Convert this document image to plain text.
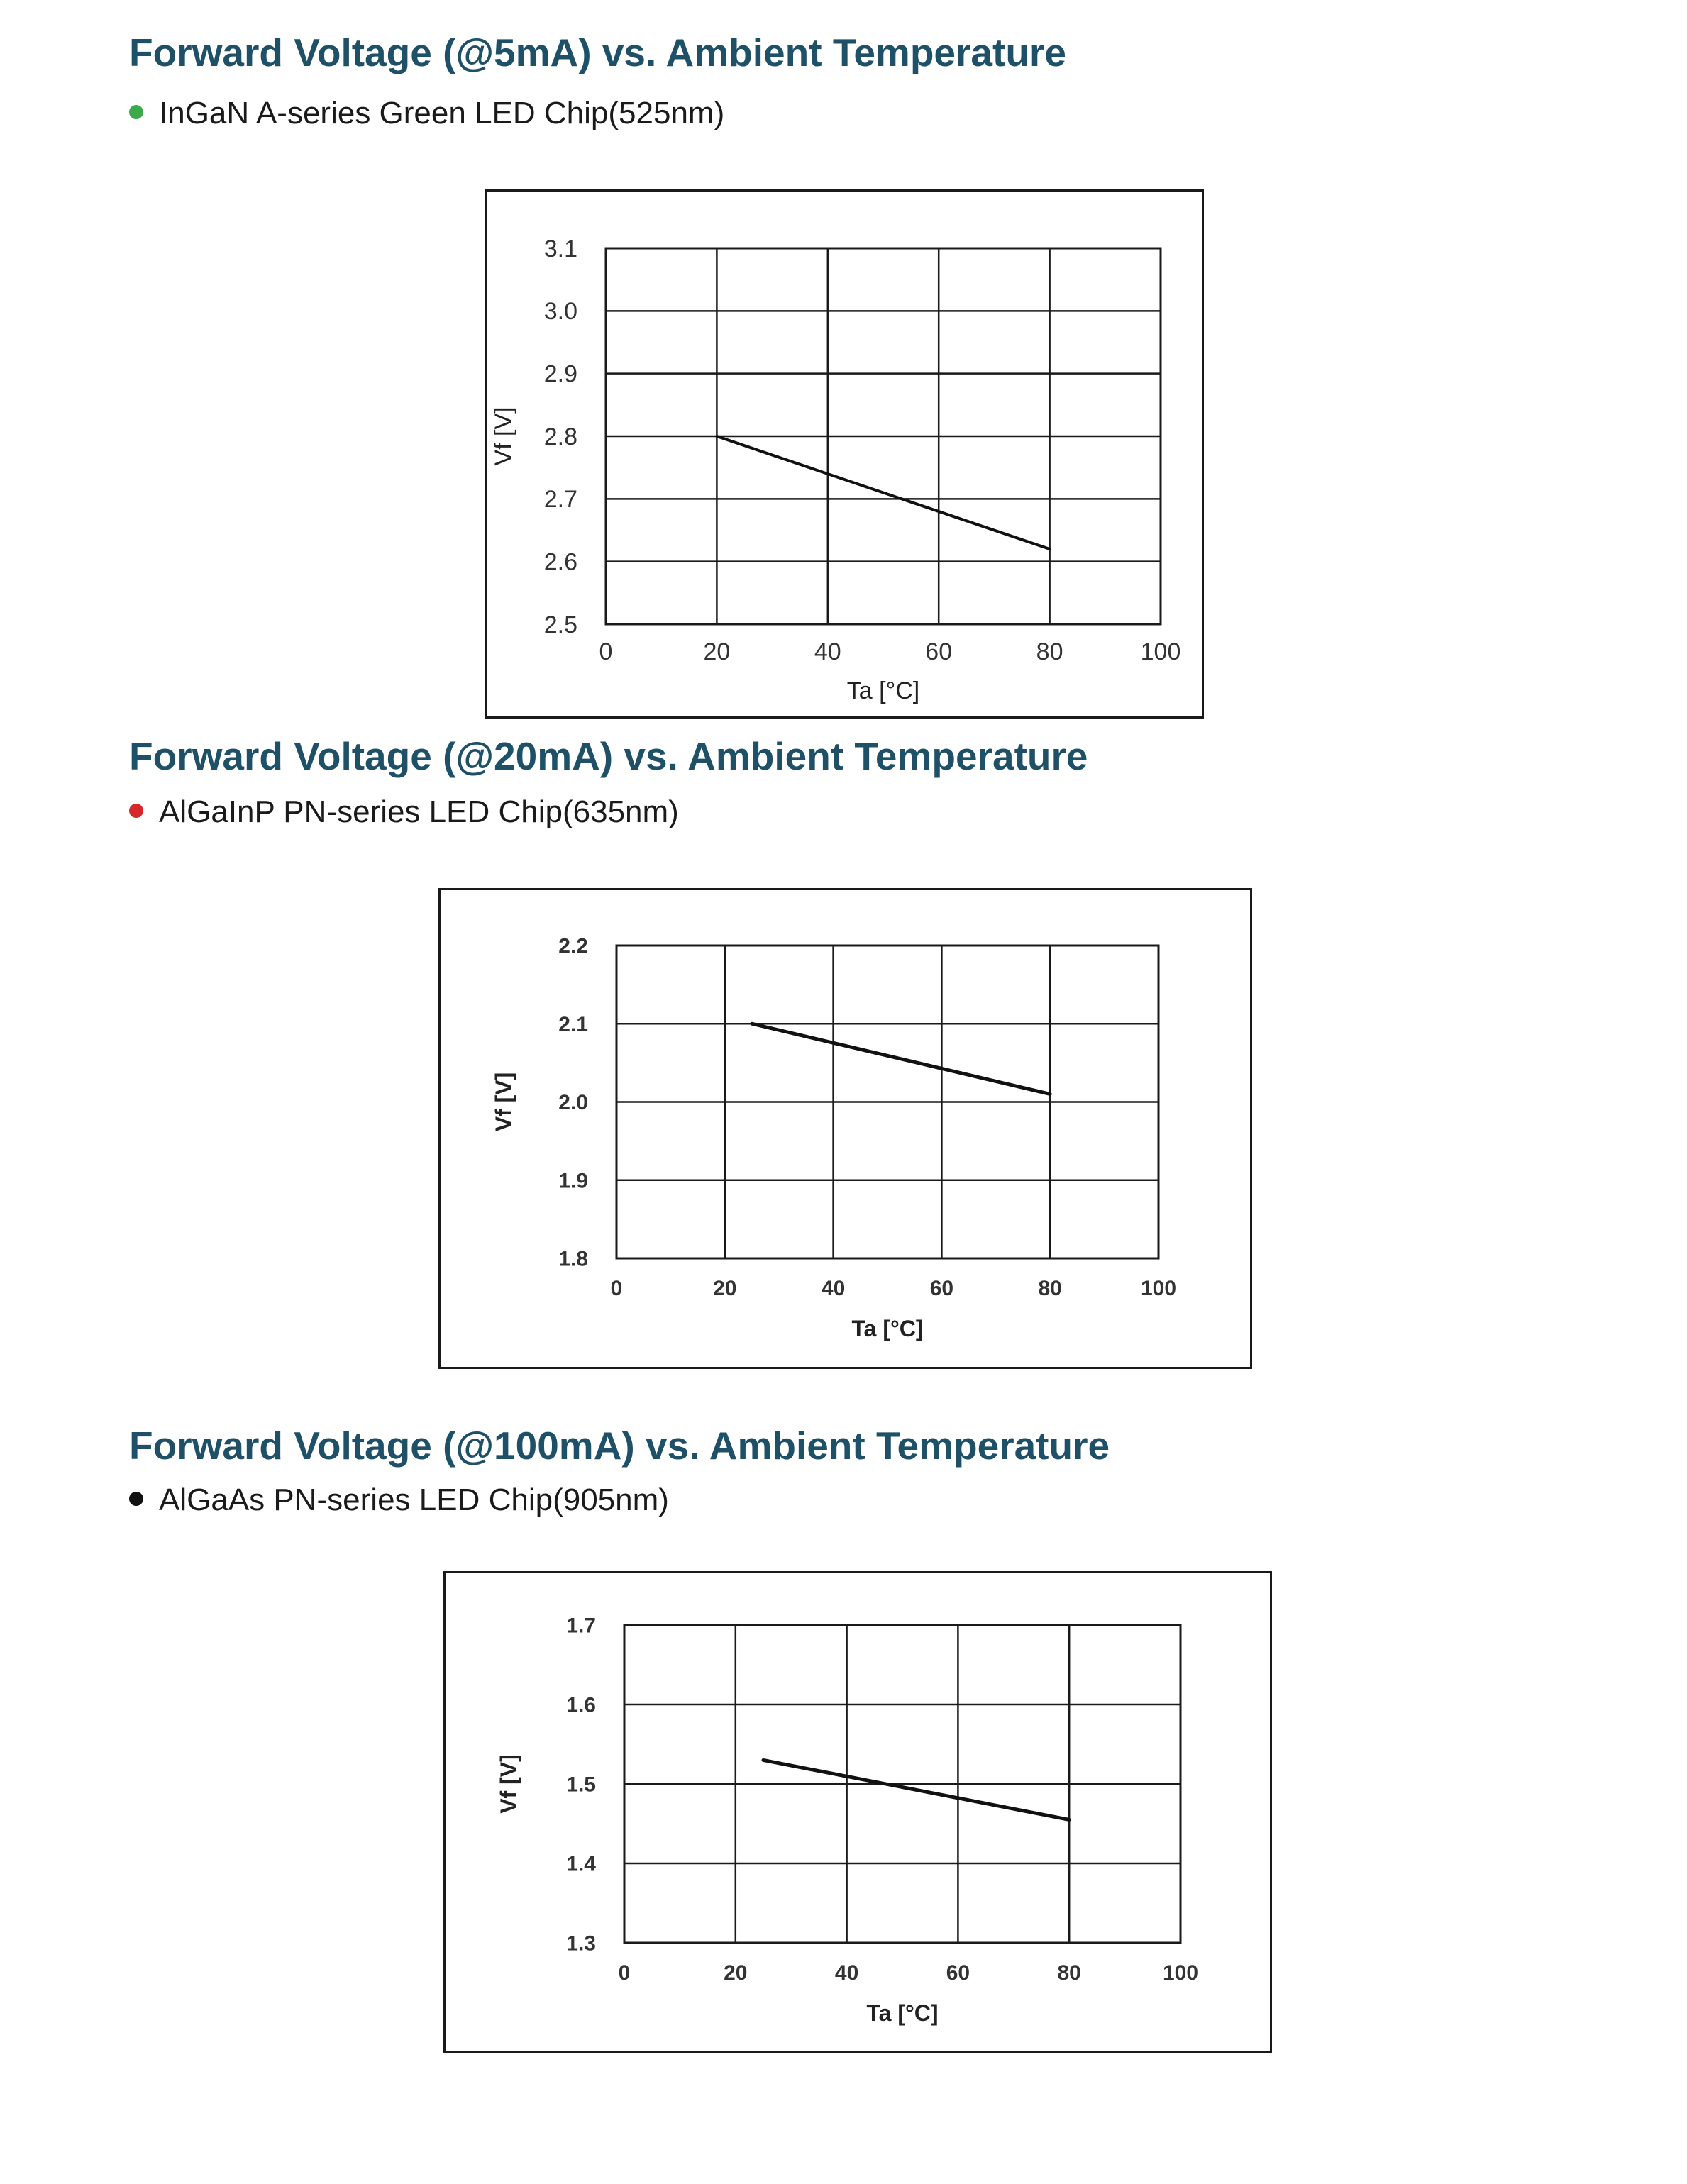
Forward Voltage (@5mA) vs. Ambient Temperature

InGaN A-series Green LED Chip(525nm)

0	20	40	60	80	100
3.1
3.0
2.9
2.8
2.7
2.6
2.5
Ta [°C]
Vf [V]
Forward Voltage (@20mA) vs. Ambient Temperature

AlGaInP PN-series LED Chip(635nm)

0	20	40	60	80	100
2.2
2.1
2.0
1.9
1.8
Ta [°C]
Vf [V]
Forward Voltage (@100mA) vs. Ambient Temperature

AlGaAs PN-series LED Chip(905nm)

0	20	40	60	80	100
1.7
1.6
1.5
1.4
1.3
Ta [°C]
Vf [V]
